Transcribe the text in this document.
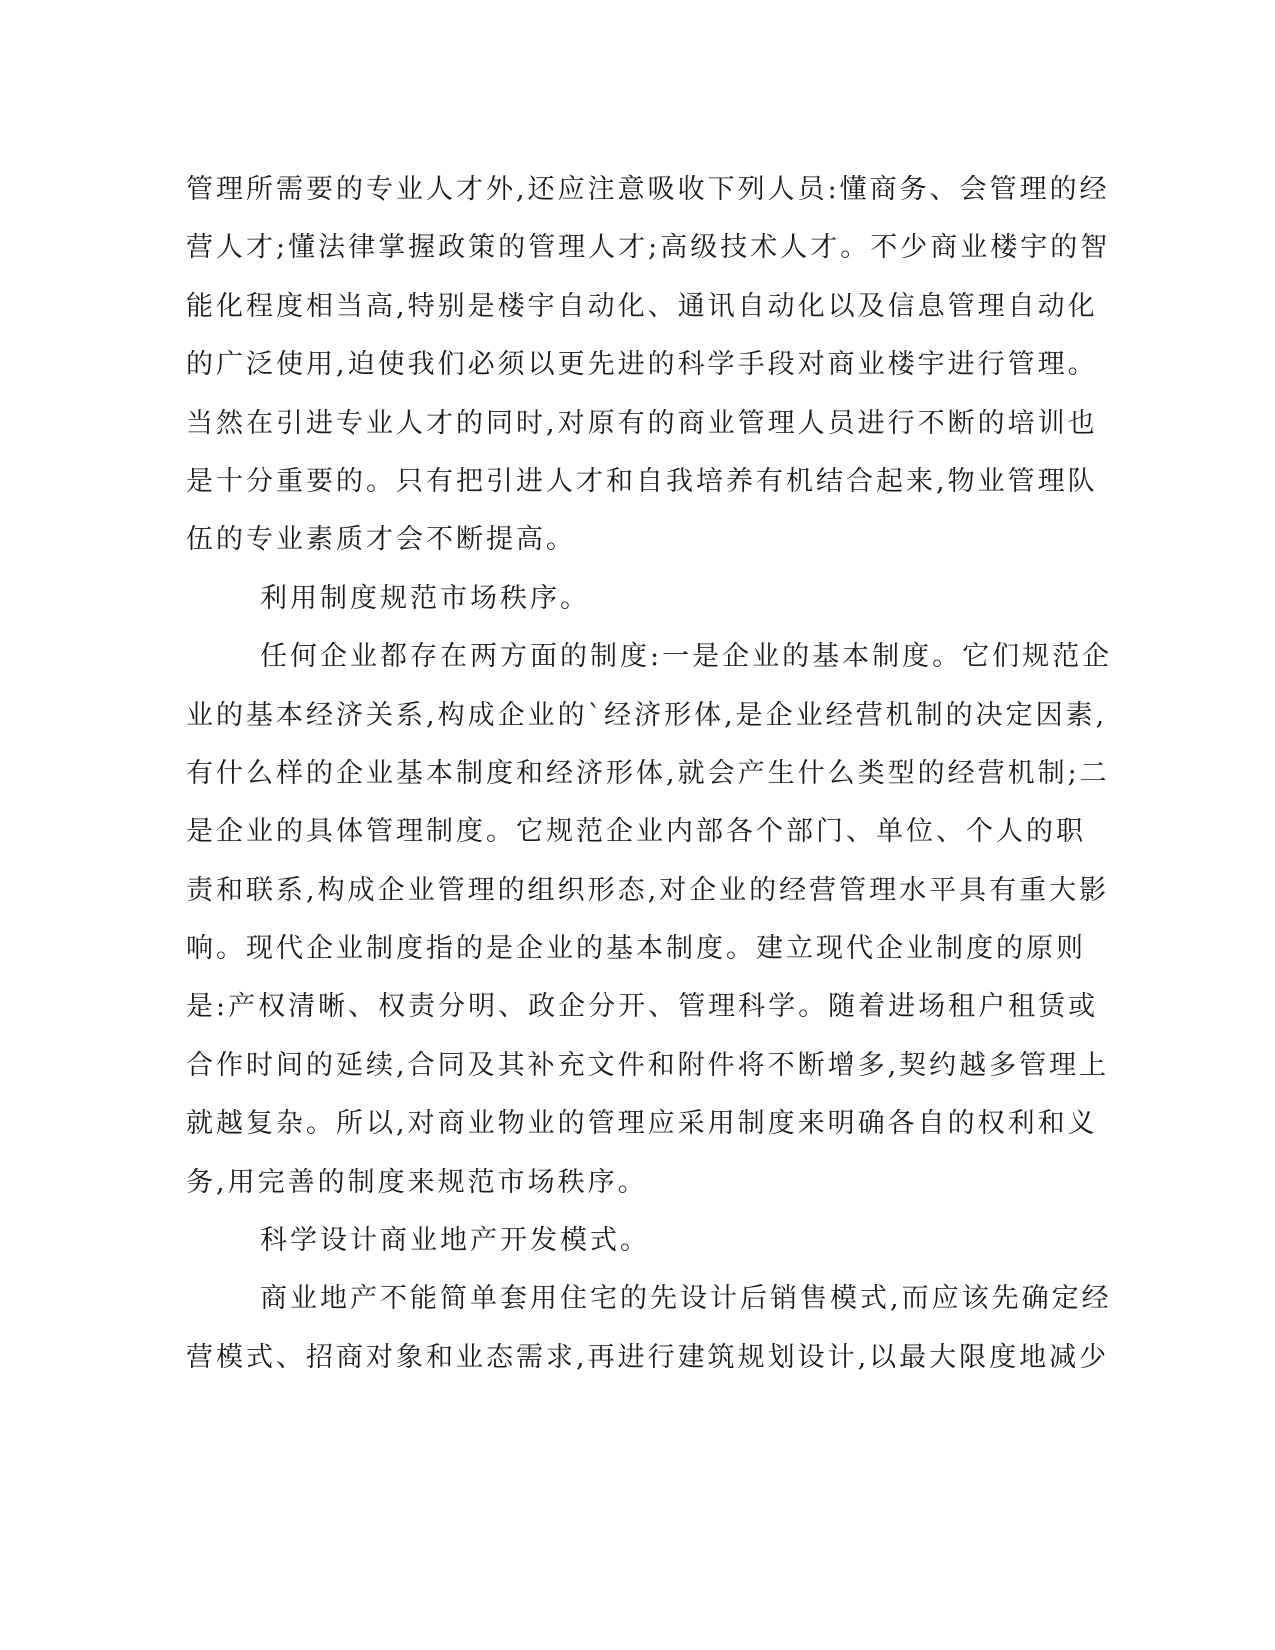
管理所需要的专业人才外,还应注意吸收下列人员:懂商务、会管理的经
营人才;懂法律掌握政策的管理人才;高级技术人才。不少商业楼宇的智
能化程度相当高,特别是楼宇自动化、通讯自动化以及信息管理自动化
的广泛使用,迫使我们必须以更先进的科学手段对商业楼宇进行管理。
当然在引进专业人才的同时,对原有的商业管理人员进行不断的培训也
是十分重要的。只有把引进人才和自我培养有机结合起来,物业管理队
伍的专业素质才会不断提高。
利用制度规范市场秩序。
任何企业都存在两方面的制度:一是企业的基本制度。它们规范企
业的基本经济关系,构成企业的`经济形体,是企业经营机制的决定因素,
有什么样的企业基本制度和经济形体,就会产生什么类型的经营机制;二
是企业的具体管理制度。它规范企业内部各个部门、单位、个人的职
责和联系,构成企业管理的组织形态,对企业的经营管理水平具有重大影
响。现代企业制度指的是企业的基本制度。建立现代企业制度的原则
是:产权清晰、权责分明、政企分开、管理科学。随着进场租户租赁或
合作时间的延续,合同及其补充文件和附件将不断增多,契约越多管理上
就越复杂。所以,对商业物业的管理应采用制度来明确各自的权利和义
务,用完善的制度来规范市场秩序。
科学设计商业地产开发模式。
商业地产不能简单套用住宅的先设计后销售模式,而应该先确定经
营模式、招商对象和业态需求,再进行建筑规划设计,以最大限度地减少
